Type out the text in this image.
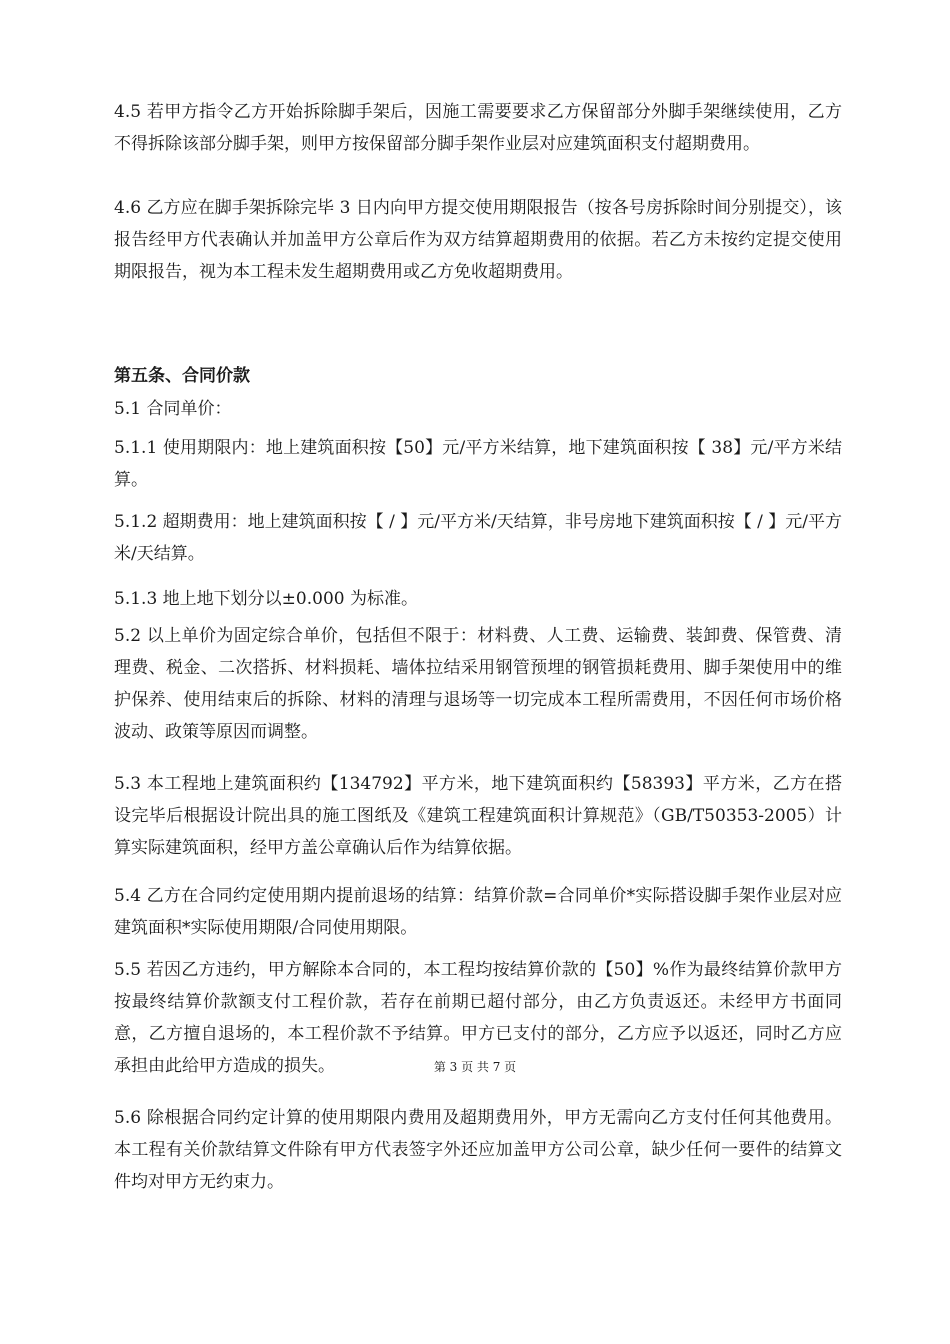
4.5 若甲方指令乙方开始拆除脚手架后，因施工需要要求乙方保留部分外脚手架继续使用，乙方不得拆除该部分脚手架，则甲方按保留部分脚手架作业层对应建筑面积支付超期费用。

4.6 乙方应在脚手架拆除完毕 3 日内向甲方提交使用期限报告（按各号房拆除时间分别提交），该报告经甲方代表确认并加盖甲方公章后作为双方结算超期费用的依据。若乙方未按约定提交使用期限报告，视为本工程未发生超期费用或乙方免收超期费用。

第五条、合同价款

5.1 合同单价：

5.1.1 使用期限内：地上建筑面积按【50】元/平方米结算，地下建筑面积按【 38】元/平方米结算。

5.1.2 超期费用：地上建筑面积按【 / 】元/平方米/天结算，非号房地下建筑面积按【 / 】元/平方米/天结算。

5.1.3 地上地下划分以±0.000 为标准。

5.2 以上单价为固定综合单价，包括但不限于：材料费、人工费、运输费、装卸费、保管费、清理费、税金、二次搭拆、材料损耗、墙体拉结采用钢管预埋的钢管损耗费用、脚手架使用中的维护保养、使用结束后的拆除、材料的清理与退场等一切完成本工程所需费用，不因任何市场价格波动、政策等原因而调整。

5.3 本工程地上建筑面积约【134792】平方米，地下建筑面积约【58393】平方米，乙方在搭设完毕后根据设计院出具的施工图纸及《建筑工程建筑面积计算规范》（GB/T50353-2005）计算实际建筑面积，经甲方盖公章确认后作为结算依据。

5.4 乙方在合同约定使用期内提前退场的结算：结算价款=合同单价*实际搭设脚手架作业层对应建筑面积*实际使用期限/合同使用期限。

5.5 若因乙方违约，甲方解除本合同的，本工程均按结算价款的【50】%作为最终结算价款甲方按最终结算价款额支付工程价款，若存在前期已超付部分，由乙方负责返还。未经甲方书面同意，乙方擅自退场的，本工程价款不予结算。甲方已支付的部分，乙方应予以返还，同时乙方应承担由此给甲方造成的损失。

5.6 除根据合同约定计算的使用期限内费用及超期费用外，甲方无需向乙方支付任何其他费用。本工程有关价款结算文件除有甲方代表签字外还应加盖甲方公司公章，缺少任何一要件的结算文件均对甲方无约束力。

第 3 页 共 7 页
